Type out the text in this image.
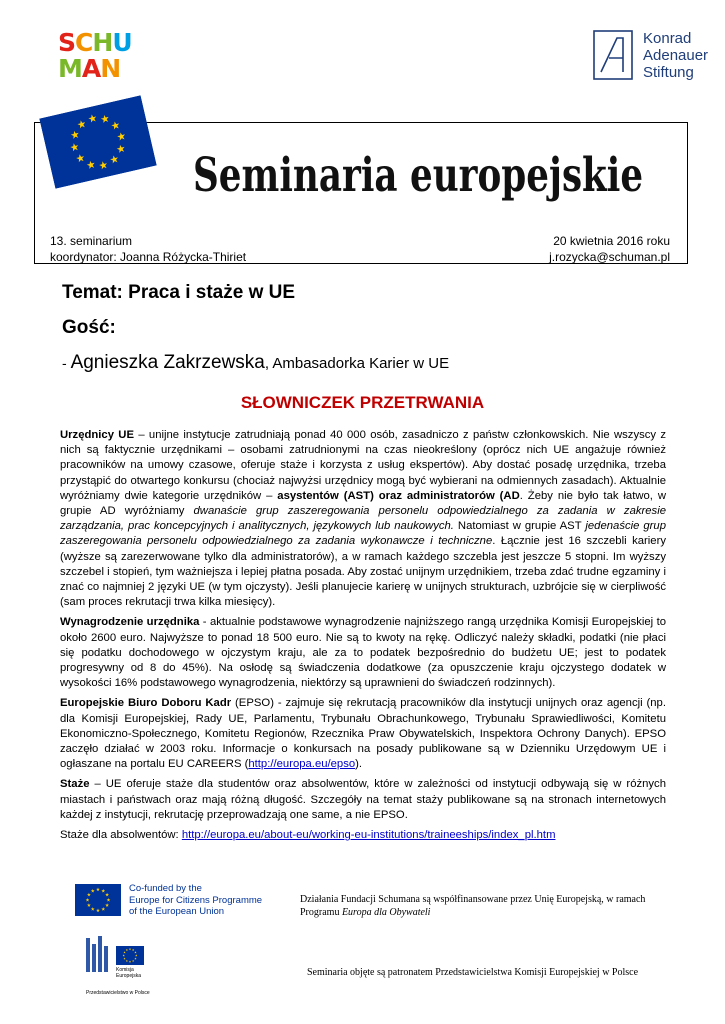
SCHU
MAN
Konrad
Adenauer
Stiftung
Seminaria europejskie
13. seminarium
koordynator: Joanna Różycka-Thiriet
20 kwietnia 2016 roku
j.rozycka@schuman.pl
Temat: Praca i staże w UE
Gość:
- Agnieszka Zakrzewska, Ambasadorka Karier w UE
SŁOWNICZEK PRZETRWANIA

Urzędnicy UE – unijne instytucje zatrudniają ponad 40 000 osób, zasadniczo z państw członkowskich. Nie wszyscy z nich są faktycznie urzędnikami – osobami zatrudnionymi na czas nieokreślony (oprócz nich UE angażuje również pracowników na umowy czasowe, oferuje staże i korzysta z usług ekspertów). Aby dostać posadę urzędnika, trzeba przystąpić do otwartego konkursu (chociaż najwyżsi urzędnicy mogą być wybierani na odmiennych zasadach). Aktualnie wyróżniamy dwie kategorie urzędników – asystentów (AST) oraz administratorów (AD. Żeby nie było tak łatwo, w grupie AD wyróżniamy dwanaście grup zaszeregowania personelu odpowiedzialnego za zadania w zakresie zarządzania, prac koncepcyjnych i analitycznych, językowych lub naukowych. Natomiast w grupie AST jedenaście grup zaszeregowania personelu odpowiedzialnego za zadania wykonawcze i techniczne. Łącznie jest 16 szczebli kariery (wyższe są zarezerwowane tylko dla administratorów), a w ramach każdego szczebla jest jeszcze 5 stopni. Im wyższy szczebel i stopień, tym ważniejsza i lepiej płatna posada. Aby zostać unijnym urzędnikiem, trzeba zdać trudne egzaminy i znać co najmniej 2 języki UE (w tym ojczysty). Jeśli planujecie karierę w unijnych strukturach, uzbrójcie się w cierpliwość (sam proces rekrutacji trwa kilka miesięcy).

Wynagrodzenie urzędnika - aktualnie podstawowe wynagrodzenie najniższego rangą urzędnika Komisji Europejskiej to około 2600 euro. Najwyższe to ponad 18 500 euro. Nie są to kwoty na rękę. Odliczyć należy składki, podatki (nie płaci się podatku dochodowego w ojczystym kraju, ale za to podatek bezpośrednio do budżetu UE; jest to podatek progresywny od 8 do 45%). Na osłodę są świadczenia dodatkowe (za opuszczenie kraju ojczystego dodatek w wysokości 16% podstawowego wynagrodzenia, niektórzy są uprawnieni do świadczeń rodzinnych).

Europejskie Biuro Doboru Kadr (EPSO) - zajmuje się rekrutacją pracowników dla instytucji unijnych oraz agencji (np. dla Komisji Europejskiej, Rady UE, Parlamentu, Trybunału Obrachunkowego, Trybunału Sprawiedliwości, Komitetu Ekonomiczno-Społecznego, Komitetu Regionów, Rzecznika Praw Obywatelskich, Inspektora Ochrony Danych). EPSO zaczęło działać w 2003 roku. Informacje o konkursach na posady publikowane są w Dzienniku Urzędowym UE i ogłaszane na portalu EU CAREERS (http://europa.eu/epso).

Staże – UE oferuje staże dla studentów oraz absolwentów, które w zależności od instytucji odbywają się w różnych miastach i państwach oraz mają różną długość. Szczegóły na temat staży publikowane są na stronach internetowych każdej z instytucji, rekrutację przeprowadzają one same, a nie EPSO.

Staże dla absolwentów: http://europa.eu/about-eu/working-eu-institutions/traineeships/index_pl.htm

Co-funded by the
Europe for Citizens Programme
of the European Union
Działania Fundacji Schumana są współfinansowane przez Unię Europejską, w ramach Programu Europa dla Obywateli
Komisja
Europejska
Przedstawicielstwo w Polsce
Seminaria objęte są patronatem Przedstawicielstwa Komisji Europejskiej w Polsce
